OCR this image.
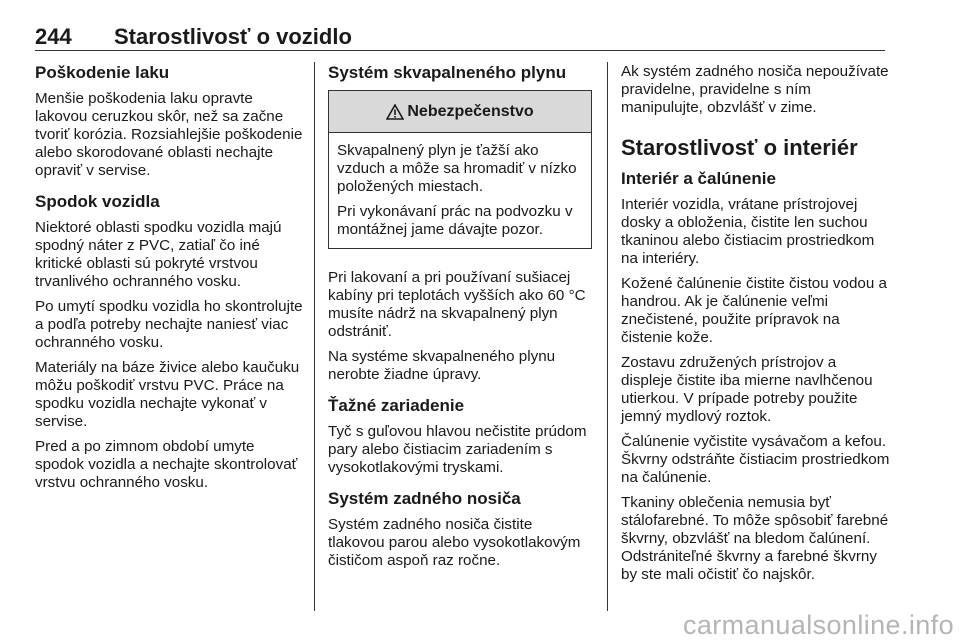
244 Starostlivosť o vozidlo
Poškodenie laku

Menšie poškodenia laku opravte lakovou ceruzkou skôr, než sa začne tvoriť korózia. Rozsiahlejšie poškodenie alebo skorodované oblasti nechajte opraviť v servise.

Spodok vozidla

Niektoré oblasti spodku vozidla majú spodný náter z PVC, zatiaľ čo iné kritické oblasti sú pokryté vrstvou trvanlivého ochranného vosku.

Po umytí spodku vozidla ho skontrolujte a podľa potreby nechajte naniesť viac ochranného vosku.

Materiály na báze živice alebo kaučuku môžu poškodiť vrstvu PVC. Práce na spodku vozidla nechajte vykonať v servise.

Pred a po zimnom období umyte spodok vozidla a nechajte skontrolovať vrstvu ochranného vosku.

Systém skvapalneného plynu
Nebezpečenstvo

Skvapalnený plyn je ťažší ako vzduch a môže sa hromadiť v nízko položených miestach.

Pri vykonávaní prác na podvozku v montážnej jame dávajte pozor.

Pri lakovaní a pri používaní sušiacej kabíny pri teplotách vyšších ako 60 °C musíte nádrž na skvapalnený plyn odstrániť.

Na systéme skvapalneného plynu nerobte žiadne úpravy.

Ťažné zariadenie

Tyč s guľovou hlavou nečistite prúdom pary alebo čistiacim zariadením s vysokotlakovými tryskami.

Systém zadného nosiča

Systém zadného nosiča čistite tlakovou parou alebo vysokotlakovým čističom aspoň raz ročne.

Ak systém zadného nosiča nepoužívate pravidelne, pravidelne s ním manipulujte, obzvlášť v zime.

Starostlivosť o interiér
Interiér a čalúnenie

Interiér vozidla, vrátane prístrojovej dosky a obloženia, čistite len suchou tkaninou alebo čistiacim prostriedkom na interiéry.

Kožené čalúnenie čistite čistou vodou a handrou. Ak je čalúnenie veľmi znečistené, použite prípravok na čistenie kože.

Zostavu združených prístrojov a displeje čistite iba mierne navlhčenou utierkou. V prípade potreby použite jemný mydlový roztok.

Čalúnenie vyčistite vysávačom a kefou. Škvrny odstráňte čistiacim prostriedkom na čalúnenie.

Tkaniny oblečenia nemusia byť stálofarebné. To môže spôsobiť farebné škvrny, obzvlášť na bledom čalúnení. Odstrániteľné škvrny a farebné škvrny by ste mali očistiť čo najskôr.

carmanualsonline.info
